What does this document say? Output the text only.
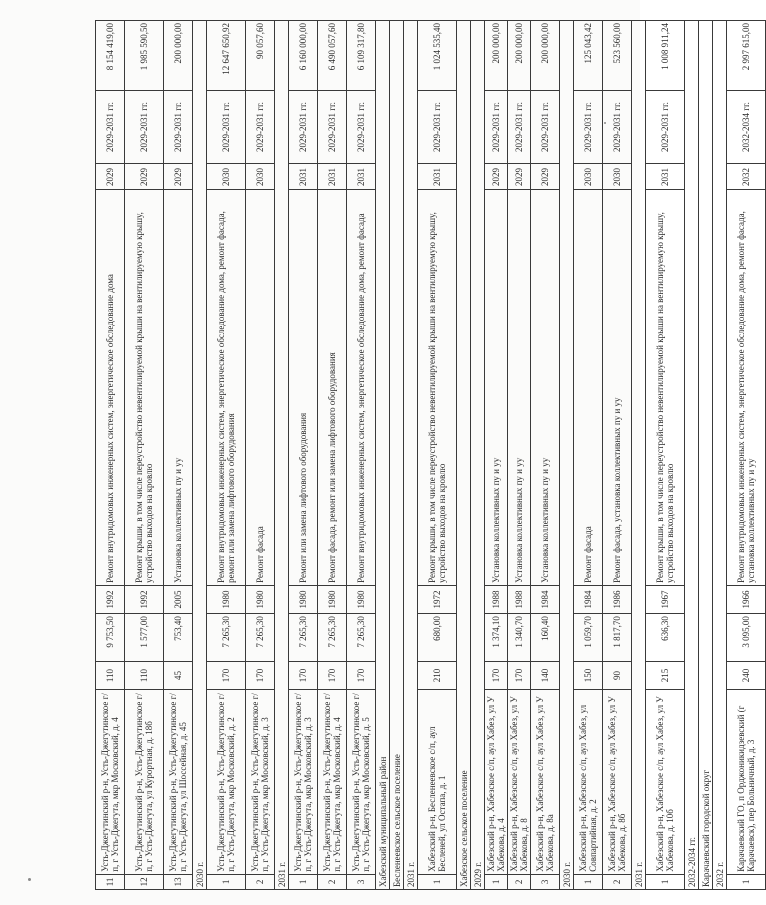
11	Усть-Джегутинский р-н, Усть-Джегутинское г/п, г Усть-Джегута, мкр Московский, д. 4	110	9 753,50	1992	Ремонт внутридомовых инженерных систем, энергетическое обследование дома	2029	2029-2031 гг.	8 154 419,00
12	Усть-Джегутинский р-н, Усть-Джегутинское г/п, г Усть-Джегута, ул Курортная, д. 18б	110	1 577,00	1992	Ремонт крыши, в том числе переустройство невентилируемой крыши на вентилируемую крышу, устройство выходов на кровлю	2029	2029-2031 гг.	1 985 590,50
13	Усть-Джегутинский р-н, Усть-Джегутинское г/п, г Усть-Джегута, ул Шоссейная, д. 45	45	753,40	2005	Установка коллективных пу и уу	2029	2029-2031 гг.	200 000,00
2030 г.								
1	Усть-Джегутинский р-н, Усть-Джегутинское г/п, г Усть-Джегута, мкр Московский, д. 2	170	7 265,30	1980	Ремонт внутридомовых инженерных систем, энергетическое обследование дома, ремонт фасада, ремонт или замена лифтового оборудования	2030	2029-2031 гг.	12 647 650,92
2	Усть-Джегутинский р-н, Усть-Джегутинское г/п, г Усть-Джегута, мкр Московский, д. 3	170	7 265,30	1980	Ремонт фасада	2030	2029-2031 гг.	90 057,60
2031 г.								
1	Усть-Джегутинский р-н, Усть-Джегутинское г/п, г Усть-Джегута, мкр Московский, д. 3	170	7 265,30	1980	Ремонт или замена лифтового оборудования	2031	2029-2031 гг.	6 160 000,00
2	Усть-Джегутинский р-н, Усть-Джегутинское г/п, г Усть-Джегута, мкр Московский, д. 4	170	7 265,30	1980	Ремонт фасада, ремонт или замена лифтового оборудования	2031	2029-2031 гг.	6 490 057,60
3	Усть-Джегутинский р-н, Усть-Джегутинское г/п, г Усть-Джегута, мкр Московский, д. 5	170	7 265,30	1980	Ремонт внутридомовых инженерных систем, энергетическое обследование дома, ремонт фасада	2031	2029-2031 гг.	6 109 317,80
Хабезский муниципальный район								
Бесленеевское сельское поселение								
2031 г.								
1	Хабезский р-н, Бесленеевское с/п, аул Бесленей, ул Остапа, д. 1	210	680,00	1972	Ремонт крыши, в том числе переустройство невентилируемой крыши на вентилируемую крышу, устройство выходов на кровлю	2031	2029-2031 гг.	1 024 535,40
Хабезское сельское поселение								
2029 г.								
1	Хабезский р-н, Хабезское с/п, аул Хабез, ул У Хабекова, д. 4	170	1 374,10	1988	Установка коллективных пу и уу	2029	2029-2031 гг.	200 000,00
2	Хабезский р-н, Хабезское с/п, аул Хабез, ул У Хабекова, д. 8	170	1 340,70	1988	Установка коллективных пу и уу	2029	2029-2031 гг.	200 000,00
3	Хабезский р-н, Хабезское с/п, аул Хабез, ул У Хабекова, д. 8а	140	160,40	1984	Установка коллективных пу и уу	2029	2029-2031 гг.	200 000,00
2030 г.								
1	Хабезский р-н, Хабезское с/п, аул Хабез, ул Совпартийная, д. 2	150	1 059,70	1984	Ремонт фасада	2030	2029-2031 гг.	125 043,42
2	Хабезский р-н, Хабезское с/п, аул Хабез, ул У Хабекова, д. 8б	90	1 817,70	1986	Ремонт фасада, установка коллективных пу и уу	2030	2029-2031 гг.	523 560,00
2031 г.								
1	Хабезский р-н, Хабезское с/п, аул Хабез, ул У Хабекова, д. 10б	215	636,30	1967	Ремонт крыши, в том числе переустройство невентилируемой крыши на вентилируемую крышу, устройство выходов на кровлю	2031	2029-2031 гг.	1 008 911,24
2032-2034 гг.								
Карачаевский городской округ								
2032 г.								
1	Карачаевский ГО, п Орджоникидзевский (г Карачаевск), пер Больничный, д. 3	240	3 095,00	1966	Ремонт внутридомовых инженерных систем, энергетическое обследование дома, ремонт фасада, установка коллективных пу и уу	2032	2032-2034 гг.	2 997 615,00
